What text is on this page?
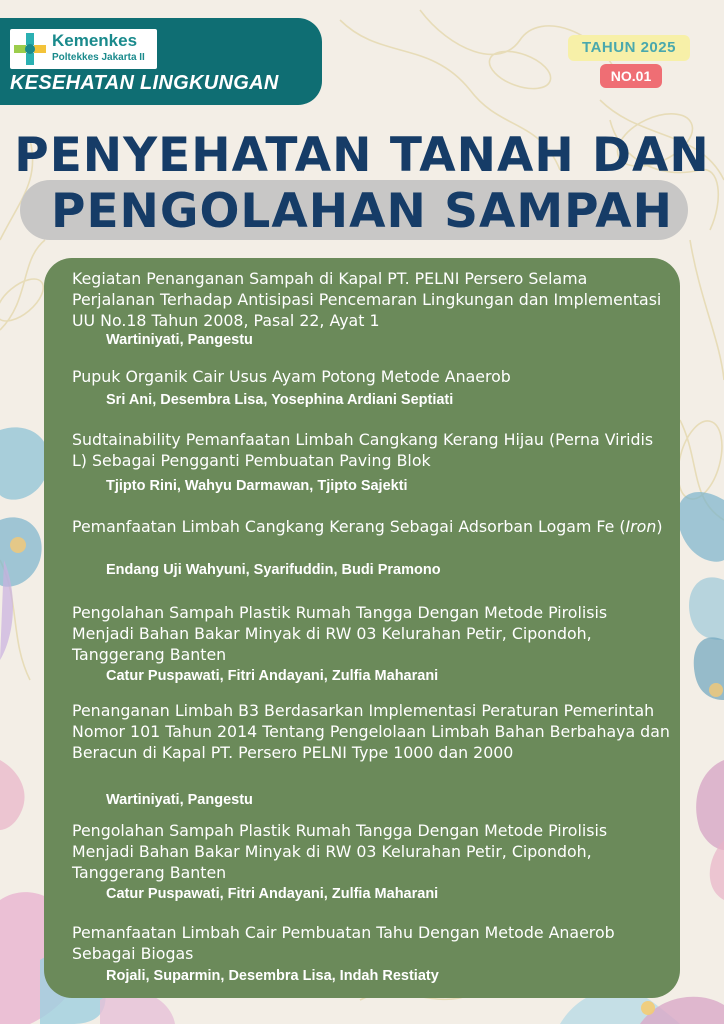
Kemenkes
Poltekkes Jakarta II
KESEHATAN LINGKUNGAN
TAHUN 2025
NO.01
PENYEHATAN TANAH DAN
PENGOLAHAN SAMPAH

Kegiatan Penanganan Sampah di Kapal PT. PELNI Persero Selama Perjalanan Terhadap Antisipasi Pencemaran Lingkungan dan Implementasi UU No.18 Tahun 2008, Pasal 22, Ayat 1

Wartiniyati, Pangestu

Pupuk Organik Cair Usus Ayam Potong Metode Anaerob

Sri Ani, Desembra Lisa, Yosephina Ardiani Septiati

Sudtainability Pemanfaatan Limbah Cangkang Kerang Hijau (Perna Viridis L) Sebagai Pengganti Pembuatan Paving Blok

Tjipto Rini, Wahyu Darmawan, Tjipto Sajekti

Pemanfaatan Limbah Cangkang Kerang Sebagai Adsorban Logam Fe (Iron)

Endang Uji Wahyuni, Syarifuddin, Budi Pramono

Pengolahan Sampah Plastik Rumah Tangga Dengan Metode Pirolisis Menjadi Bahan Bakar Minyak di RW 03 Kelurahan Petir, Cipondoh, Tanggerang Banten

Catur Puspawati, Fitri Andayani, Zulfia Maharani

Penanganan Limbah B3 Berdasarkan Implementasi Peraturan Pemerintah Nomor 101 Tahun 2014 Tentang Pengelolaan Limbah Bahan Berbahaya dan Beracun di Kapal PT. Persero PELNI Type 1000 dan 2000

Wartiniyati, Pangestu

Pengolahan Sampah Plastik Rumah Tangga Dengan Metode Pirolisis Menjadi Bahan Bakar Minyak di RW 03 Kelurahan Petir, Cipondoh, Tanggerang Banten

Catur Puspawati, Fitri Andayani, Zulfia Maharani

Pemanfaatan Limbah Cair Pembuatan Tahu Dengan Metode Anaerob Sebagai Biogas

Rojali, Suparmin, Desembra Lisa, Indah Restiaty
